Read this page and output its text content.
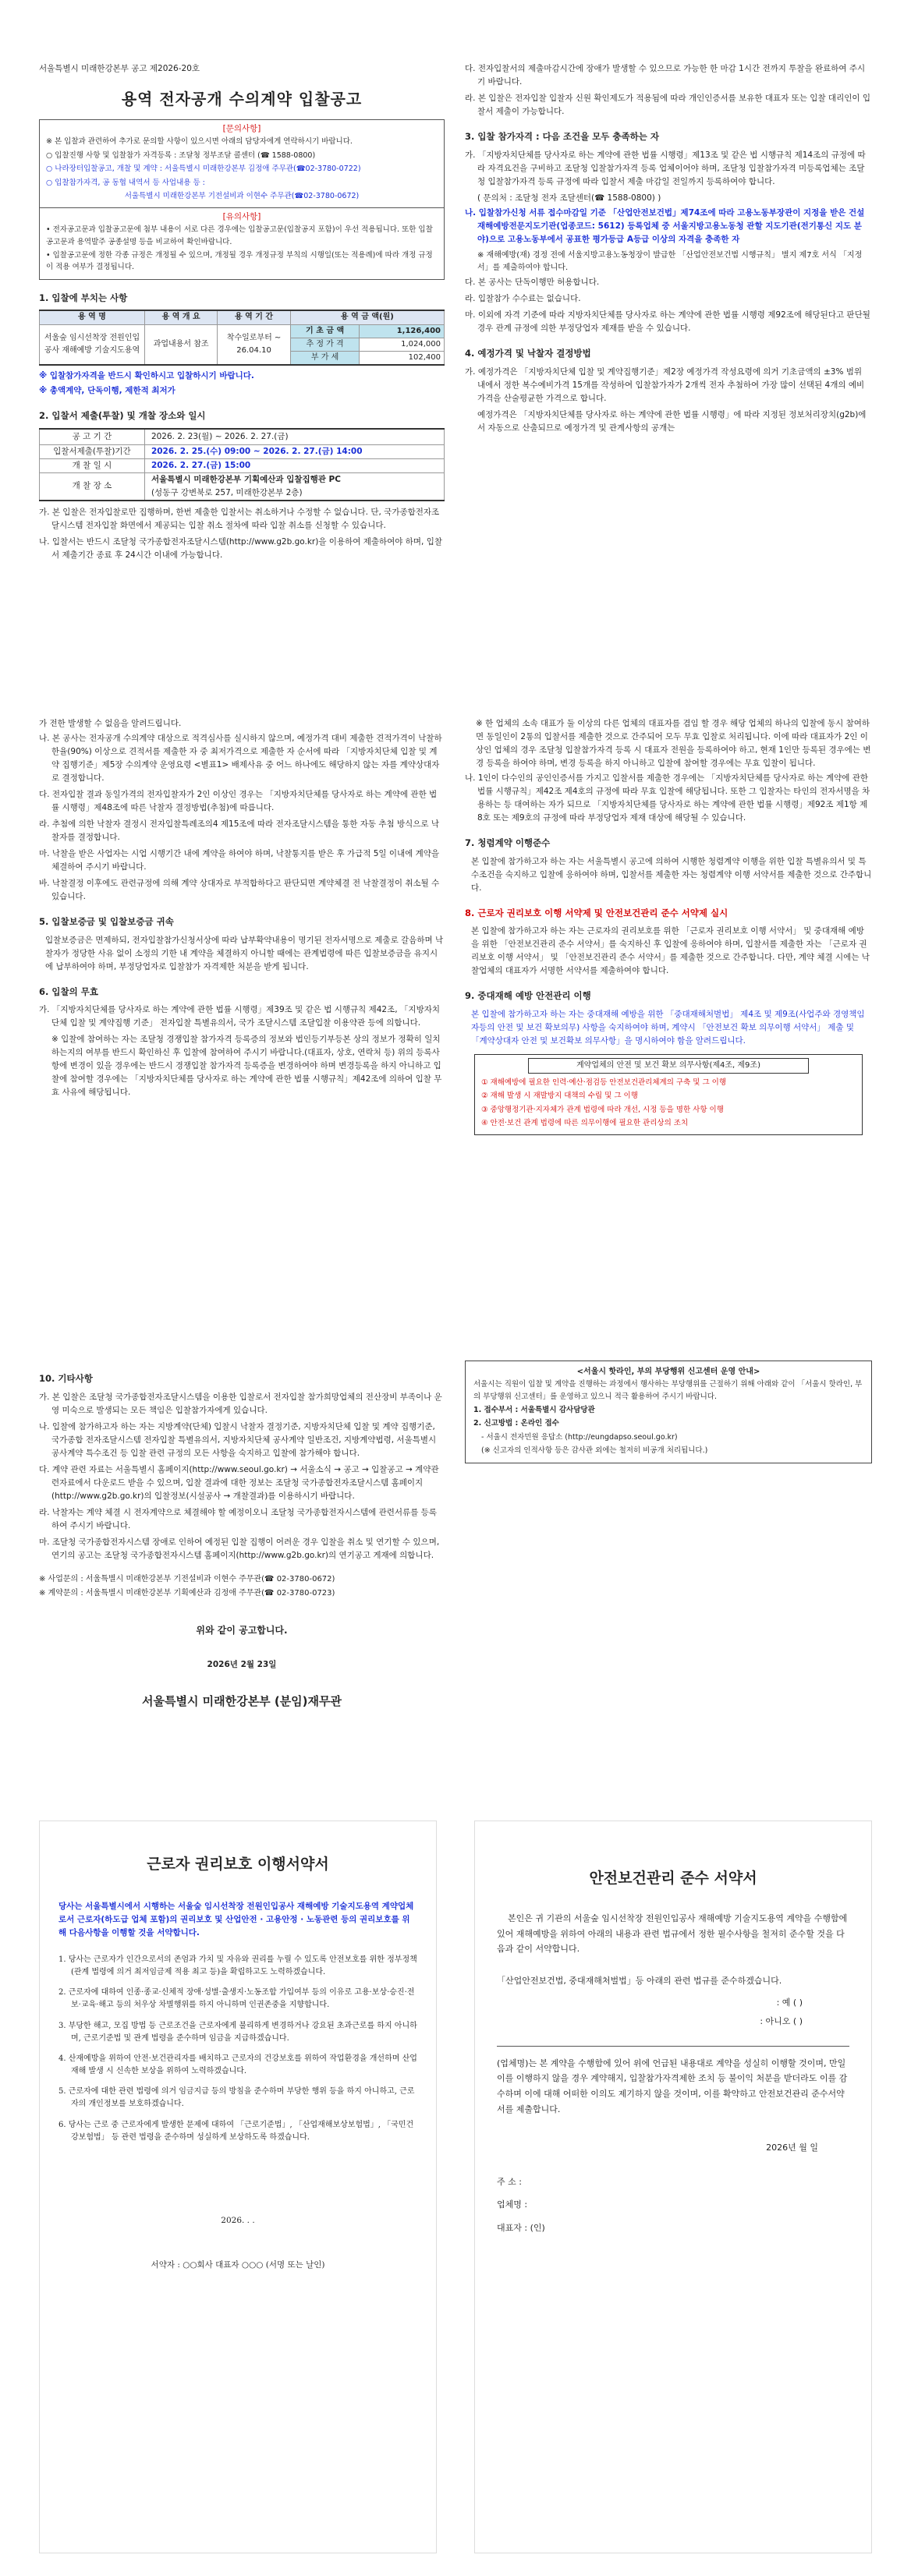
서울특별시 미래한강본부 공고 제2026-20호

용역 전자공개 수의계약 입찰공고
[문의사항]

※ 본 입찰과 관련하여 추가로 문의할 사항이 있으시면 아래의 담당자에게 연락하시기 바랍니다.

○ 입찰진행 사항 및 입찰참가 자격등록 : 조달청 정부조달 콜센터 (☎ 1588-0800)

○ 나라장터입찰공고, 개찰 및 계약 : 서울특별시 미래한강본부 김정애 주무관(☎02-3780-0722)

○ 입찰참가자격, 공 동협 내역서 등 사업내용 등 :

서울특별시 미래한강본부 기전설비과 이현수 주무관(☎02-3780-0672)

[유의사항]

• 전자공고문과 입찰공고문에 첨부 내용이 서로 다른 경우에는 입찰공고문(입찰공지 포함)이 우선 적용됩니다. 또한 입찰공고문과 용역발주 공종설명 등을 비교하여 확인바랍니다.

• 입찰공고문에 정한 각종 규정은 개정될 수 있으며, 개정될 경우 개정규정 부칙의 시행일(또는 적용례)에 따라 개정 규정이 적용 여부가 결정됩니다.

1. 입찰에 부치는 사항
용 역 명	용 역 개 요	용 역 기 간	용 역 금 액(원)	
서울숲 임시선착장 전원인입공사 재해예방 기술지도용역	과업내용서 참조	착수일로부터 ~ 26.04.10	기 초 금 액	1,126,400
			추 정 가 격	1,024,000
			부 가 세	102,400

※ 입찰참가자격을 반드시 확인하시고 입찰하시기 바랍니다.

※ 총액계약, 단독이행, 제한적 최저가

2. 입찰서 제출(투찰) 및 개찰 장소와 일시
공 고 기 간	2026. 2. 23(월) ~ 2026. 2. 27.(금)
입찰서제출(투찰)기간	2026. 2. 25.(수) 09:00 ~ 2026. 2. 27.(금) 14:00
개 찰 일 시	2026. 2. 27.(금) 15:00
개 찰 장 소	서울특별시 미래한강본부 기획예산과 입찰집행관 PC
	(성동구 강변북로 257, 미래한강본부 2층)

가. 본 입찰은 전자입찰로만 집행하며, 한번 제출한 입찰서는 취소하거나 수정할 수 없습니다. 단, 국가종합전자조달시스템 전자입찰 화면에서 제공되는 입찰 취소 절차에 따라 입찰 취소를 신청할 수 있습니다.

나. 입찰서는 반드시 조달청 국가종합전자조달시스템(http://www.g2b.go.kr)을 이용하여 제출하여야 하며, 입찰서 제출기간 종료 후 24시간 이내에 가능합니다.

다. 전자입찰서의 제출마감시간에 장애가 발생할 수 있으므로 가능한 한 마감 1시간 전까지 투찰을 완료하여 주시기 바랍니다.

라. 본 입찰은 전자입찰 입찰자 신원 확인제도가 적용됨에 따라 개인인증서를 보유한 대표자 또는 입찰 대리인이 입찰서 제출이 가능합니다.

3. 입찰 참가자격 : 다음 조건을 모두 충족하는 자

가. 「지방자치단체를 당사자로 하는 계약에 관한 법률 시행령」제13조 및 같은 법 시행규칙 제14조의 규정에 따라 자격요건을 구비하고 조달청 입찰참가자격 등록 업체이어야 하며, 조달청 입찰참가자격 미등록업체는 조달청 입찰참가자격 등록 규정에 따라 입찰서 제출 마감일 전일까지 등록하여야 합니다.

( 문의처 : 조달청 전자 조달센터(☎ 1588-0800) )

나. 입찰참가신청 서류 접수마감일 기준 「산업안전보건법」제74조에 따라 고용노동부장관이 지정을 받은 건설재해예방전문지도기관(업종코드: 5612) 등록업체 중 서울지방고용노동청 관할 지도기관(전기통신 지도 분야)으로 고용노동부에서 공표한 평가등급 A등급 이상의 자격을 충족한 자

※ 재해예방(재) 경정 전에 서울지방고용노동청장이 발급한 「산업안전보건법 시행규칙」 별지 제7호 서식 「지정서」를 제출하여야 합니다.

다. 본 공사는 단독이행만 허용합니다.

라. 입찰참가 수수료는 없습니다.

마. 이외에 자격 기준에 따라 지방자치단체를 당사자로 하는 계약에 관한 법률 시행령 제92조에 해당된다고 판단될 경우 관계 규정에 의한 부정당업자 제재를 받을 수 있습니다.

4. 예정가격 및 낙찰자 결정방법

가. 예정가격은 「지방자치단체 입찰 및 계약집행기준」제2장 예정가격 작성요령에 의거 기초금액의 ±3% 범위 내에서 정한 복수예비가격 15개를 작성하여 입찰참가자가 2개씩 전자 추첨하여 가장 많이 선택된 4개의 예비가격을 산술평균한 가격으로 합니다.

예정가격은 「지방자치단체를 당사자로 하는 계약에 관한 법률 시행령」에 따라 지정된 정보처리장치(g2b)에서 자동으로 산출되므로 예정가격 및 관계사항의 공개는

가 전한 발생할 수 없음을 알려드립니다.

나. 본 공사는 전자공개 수의계약 대상으로 적격심사를 실시하지 않으며, 예정가격 대비 제출한 견적가격이 낙찰하한율(90%) 이상으로 견적서를 제출한 자 중 최저가격으로 제출한 자 순서에 따라 「지방자치단체 입찰 및 계약 집행기준」제5장 수의계약 운영요령 <별표1> 배제사유 중 어느 하나에도 해당하지 않는 자를 계약상대자로 결정합니다.

다. 전자입찰 결과 동일가격의 전자입찰자가 2인 이상인 경우는 「지방자치단체를 당사자로 하는 계약에 관한 법률 시행령」제48조에 따른 낙찰자 결정방법(추첨)에 따릅니다.

라. 추첨에 의한 낙찰자 결정시 전자입찰특례조의4 제15조에 따라 전자조달시스템을 통한 자동 추첨 방식으로 낙찰자를 결정합니다.

마. 낙찰을 받은 사업자는 시업 시행기간 내에 계약을 하여야 하며, 낙찰통지를 받은 후 가급적 5일 이내에 계약을 체결하여 주시기 바랍니다.

바. 낙찰결정 이후에도 관련규정에 의해 계약 상대자로 부적합하다고 판단되면 계약체결 전 낙찰결정이 취소될 수 있습니다.

5. 입찰보증금 및 입찰보증금 귀속

입찰보증금은 면제하되, 전자입찰참가신청서상에 따라 납부확약내용이 명기된 전자서명으로 제출로 갈음하며 낙찰자가 정당한 사유 없이 소정의 기한 내 계약을 체결하지 아니할 때에는 관계법령에 따른 입찰보증금을 유지시에 납부하여야 하며, 부정당업자로 입찰참가 자격제한 처분을 받게 됩니다.

6. 입찰의 무효

가. 「지방자치단체를 당사자로 하는 계약에 관한 법률 시행령」제39조 및 같은 법 시행규칙 제42조, 「지방자치단체 입찰 및 계약집행 기준」 전자입찰 특별유의서, 국가 조달시스템 조달입찰 이용약관 등에 의합니다.

※ 입찰에 참여하는 자는 조달청 경쟁입찰 참가자격 등록증의 정보와 법인등기부등본 상의 정보가 정확히 일치하는지의 여부를 반드시 확인하신 후 입찰에 참여하여 주시기 바랍니다.(대표자, 상호, 연락처 등) 위의 등록사항에 변경이 있을 경우에는 반드시 경쟁입찰 참가자격 등록증을 변경하여야 하며 변경등록을 하지 아니하고 입찰에 참여할 경우에는 「지방자치단체를 당사자로 하는 계약에 관한 법률 시행규칙」제42조에 의하여 입찰 무효 사유에 해당됩니다.

※ 한 업체의 소속 대표가 둘 이상의 다른 업체의 대표자를 겸임 할 경우 해당 업체의 하나의 입찰에 동시 참여하면 동일인이 2통의 입찰서를 제출한 것으로 간주되어 모두 무효 입찰로 처리됩니다. 이에 따라 대표자가 2인 이상인 업체의 경우 조달청 입찰참가자격 등록 시 대표자 전원을 등록하여야 하고, 현재 1인만 등록된 경우에는 변경 등록을 하여야 하며, 변경 등록을 하지 아니하고 입찰에 참여할 경우에는 무효 입찰이 됩니다.

나. 1인이 다수인의 공인인증서를 가지고 입찰서를 제출한 경우에는 「지방자치단체를 당사자로 하는 계약에 관한 법률 시행규칙」제42조 제4호의 규정에 따라 무효 입찰에 해당됩니다. 또한 그 입찰자는 타인의 전자서명을 차용하는 등 대여하는 자가 되므로 「지방자치단체를 당사자로 하는 계약에 관한 법률 시행령」제92조 제1항 제8호 또는 제9호의 규정에 따라 부정당업자 제재 대상에 해당될 수 있습니다.

7. 청렴계약 이행준수

본 입찰에 참가하고자 하는 자는 서울특별시 공고에 의하여 시행한 청렴계약 이행을 위한 입찰 특별유의서 및 특수조건을 숙지하고 입찰에 응하여야 하며, 입찰서를 제출한 자는 청렴계약 이행 서약서를 제출한 것으로 간주합니다.

8. 근로자 권리보호 이행 서약제 및 안전보건관리 준수 서약제 실시

본 입찰에 참가하고자 하는 자는 근로자의 권리보호를 위한 「근로자 권리보호 이행 서약서」 및 중대재해 예방을 위한 「안전보건관리 준수 서약서」를 숙지하신 후 입찰에 응하여야 하며, 입찰서를 제출한 자는 「근로자 권리보호 이행 서약서」 및 「안전보건관리 준수 서약서」를 제출한 것으로 간주합니다. 다만, 계약 체결 시에는 낙찰업체의 대표자가 서명한 서약서를 제출하여야 합니다.

9. 중대재해 예방 안전관리 이행

본 입찰에 참가하고자 하는 자는 중대재해 예방을 위한 「중대재해처벌법」 제4조 및 제9조(사업주와 경영책임자등의 안전 및 보건 확보의무) 사항을 숙지하여야 하며, 계약시 「안전보건 확보 의무이행 서약서」 제출 및 「계약상대자 안전 및 보건확보 의무사항」을 명시하여야 함을 알려드립니다.

계약업체의 안전 및 보건 확보 의무사항(제4조, 제9조)

① 재해예방에 필요한 인력·예산·점검등 안전보건관리체계의 구축 및 그 이행

② 재해 발생 시 재발방지 대책의 수립 및 그 이행

③ 중앙행정기관·지자체가 관계 법령에 따라 개선, 시정 등을 명한 사항 이행

④ 안전·보건 관계 법령에 따른 의무이행에 필요한 관리상의 조치

10. 기타사항

가. 본 입찰은 조달청 국가종합전자조달시스템을 이용한 입찰로서 전자입찰 참가희망업체의 전산장비 부족이나 운영 미숙으로 발생되는 모든 책임은 입찰참가자에게 있습니다.

나. 입찰에 참가하고자 하는 자는 지방계약(단체) 입찰시 낙찰자 결정기준, 지방자치단체 입찰 및 계약 집행기준, 국가종합 전자조달시스템 전자입찰 특별유의서, 지방자치단체 공사계약 일반조건, 지방계약법령, 서울특별시 공사계약 특수조건 등 입찰 관련 규정의 모든 사항을 숙지하고 입찰에 참가해야 합니다.

다. 계약 관련 자료는 서울특별시 홈페이지(http://www.seoul.go.kr) → 서울소식 → 공고 → 입찰공고 → 계약관련자료에서 다운로드 받을 수 있으며, 입찰 결과에 대한 정보는 조달청 국가종합전자조달시스템 홈페이지(http://www.g2b.go.kr)의 입찰정보(시설공사 → 개찰결과)를 이용하시기 바랍니다.

라. 낙찰자는 계약 체결 시 전자계약으로 체결해야 할 예정이오니 조달청 국가종합전자시스템에 관련서류를 등록하여 주시기 바랍니다.

마. 조달청 국가종합전자시스템 장애로 인하여 예정된 입찰 집행이 어려운 경우 입찰을 취소 및 연기할 수 있으며, 연기의 공고는 조달청 국가종합전자시스템 홈페이지(http://www.g2b.go.kr)의 연기공고 게재에 의합니다.

※ 사업문의 : 서울특별시 미래한강본부 기전설비과 이현수 주무관(☎ 02-3780-0672)

※ 계약문의 : 서울특별시 미래한강본부 기획예산과 김정애 주무관(☎ 02-3780-0723)

위와 같이 공고합니다.
2026년 2월 23일
서울특별시 미래한강본부 (분임)재무관
<서울시 핫라인, 부의 부당행위 신고센터 운영 안내>

서울시는 직원이 입찰 및 계약을 진행하는 과정에서 행사하는 부당행위를 근절하기 위해 아래와 같이 「서울시 핫라인, 부의 부당행위 신고센터」를 운영하고 있으니 적극 활용하여 주시기 바랍니다.

1. 접수부서 : 서울특별시 감사담당관

2. 신고방법 : 온라인 접수

- 서울시 전자민원 응답소 (http://eungdapso.seoul.go.kr)

(※ 신고자의 인적사항 등은 감사관 외에는 철저히 비공개 처리됩니다.)

근로자 권리보호 이행서약서

당사는 서울특별시에서 시행하는 서울숲 임시선착장 전원인입공사 재해예방 기술지도용역 계약업체로서 근로자(하도급 업체 포함)의 권리보호 및 산업안전 · 고용안정 · 노동관련 등의 권리보호를 위해 다음사항을 이행할 것을 서약합니다.

1. 당사는 근로자가 인간으로서의 존엄과 가치 및 자유와 권리를 누릴 수 있도록 안전보호를 위한 정부정책(관계 법령에 의거 최저임금제 적용 최고 등)을 확립하고도 노력하겠습니다.

2. 근로자에 대하여 인종·종교·신체적 장애·성별·출생지·노동조합 가입여부 등의 이유로 고용·보상·승진·전보·교육·해고 등의 처우상 차별행위를 하지 아니하며 인권존중을 지향합니다.

3. 부당한 해고, 모집 방법 등 근로조건을 근로자에게 불리하게 변경하거나 강요된 초과근로를 하지 아니하며, 근로기준법 및 관계 법령을 준수하며 임금을 지급하겠습니다.

4. 산재예방을 위하여 안전·보건관리자를 배치하고 근로자의 건강보호를 위하여 작업환경을 개선하며 산업재해 발생 시 신속한 보상을 위하여 노력하겠습니다.

5. 근로자에 대한 관련 법령에 의거 임금지급 등의 방침을 준수하며 부당한 행위 등을 하지 아니하고, 근로자의 개인정보를 보호하겠습니다.

6. 당사는 근로 중 근로자에게 발생한 문제에 대하여 「근로기준법」, 「산업재해보상보험법」, 「국민건강보험법」 등 관련 법령을 준수하며 성실하게 보상하도록 하겠습니다.

2026. . .
서약자 : ○○회사 대표자 ○○○ (서명 또는 날인)
안전보건관리 준수 서약서

본인은 귀 기관의 서울숲 임시선착장 전원인입공사 재해예방 기술지도용역 계약을 수행함에 있어 재해예방을 위하여 아래의 내용과 관련 법규에서 정한 필수사항을 철저히 준수할 것을 다음과 같이 서약합니다.

「산업안전보건법, 중대재해처벌법」등 아래의 관련 법규를 준수하겠습니다.

: 예 ( )
: 아니오 ( )

(업체명)는 본 계약을 수행함에 있어 위에 언급된 내용대로 계약을 성실히 이행할 것이며, 만일 이를 이행하지 않을 경우 계약해지, 입찰참가자격제한 조치 등 불이익 처분을 받더라도 이를 감수하며 이에 대해 어떠한 이의도 제기하지 않을 것이며, 이를 확약하고 안전보건관리 준수서약서를 제출합니다.

2026년 월 일
주 소 :
업체명 :
대표자 : (인)
